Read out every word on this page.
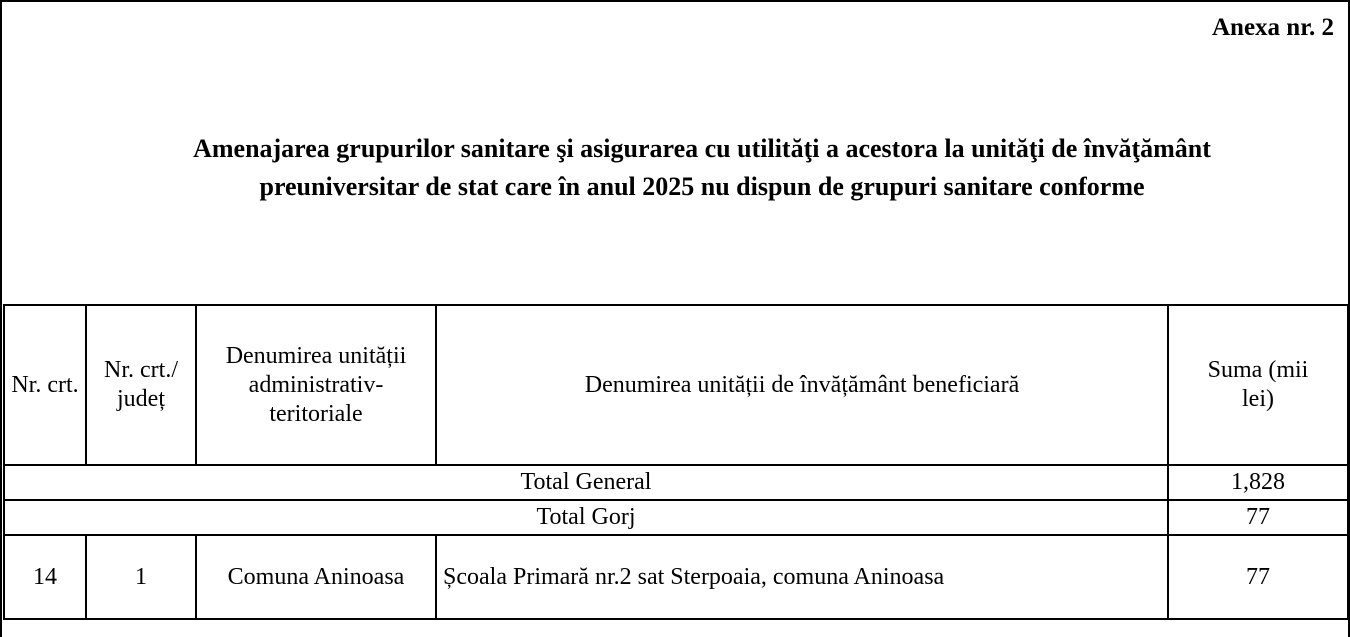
Anexa nr. 2
Amenajarea grupurilor sanitare şi asigurarea cu utilităţi a acestora la unităţi de învăţământ
preuniversitar de stat care în anul 2025 nu dispun de grupuri sanitare conforme
Nr. crt.	Nr. crt./ județ	Denumirea unității administrativ-teritoriale	Denumirea unității de învățământ beneficiară	Suma (mii lei)
Total General				1,828
Total Gorj				77
14	1	Comuna Aninoasa	Școala Primară nr.2 sat Sterpoaia, comuna Aninoasa	77
